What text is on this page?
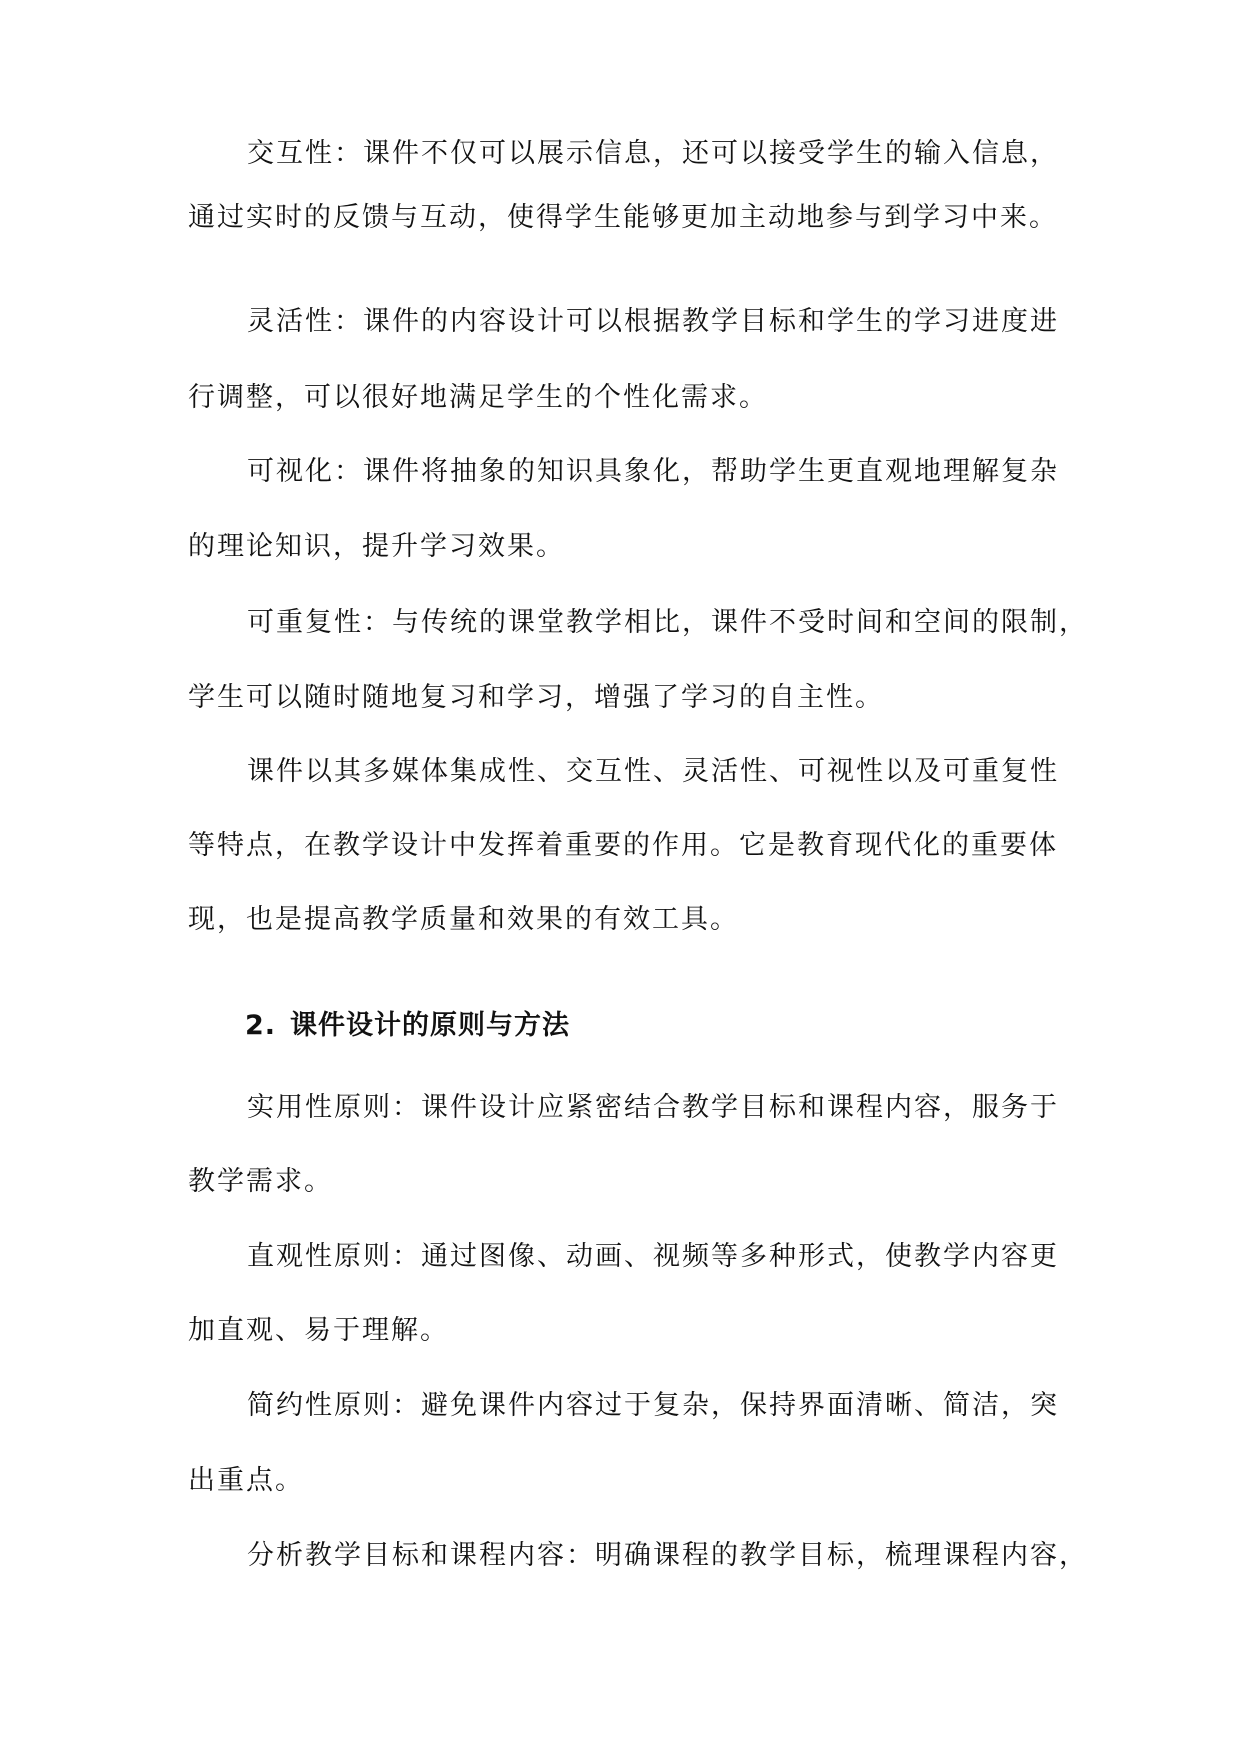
交互性：课件不仅可以展示信息，还可以接受学生的输入信息，

通过实时的反馈与互动，使得学生能够更加主动地参与到学习中来。

灵活性：课件的内容设计可以根据教学目标和学生的学习进度进

行调整，可以很好地满足学生的个性化需求。

可视化：课件将抽象的知识具象化，帮助学生更直观地理解复杂

的理论知识，提升学习效果。

可重复性：与传统的课堂教学相比，课件不受时间和空间的限制，

学生可以随时随地复习和学习，增强了学习的自主性。

课件以其多媒体集成性、交互性、灵活性、可视性以及可重复性

等特点，在教学设计中发挥着重要的作用。它是教育现代化的重要体

现，也是提高教学质量和效果的有效工具。

2. 课件设计的原则与方法

实用性原则：课件设计应紧密结合教学目标和课程内容，服务于

教学需求。

直观性原则：通过图像、动画、视频等多种形式，使教学内容更

加直观、易于理解。

简约性原则：避免课件内容过于复杂，保持界面清晰、简洁，突

出重点。

分析教学目标和课程内容：明确课程的教学目标，梳理课程内容，
